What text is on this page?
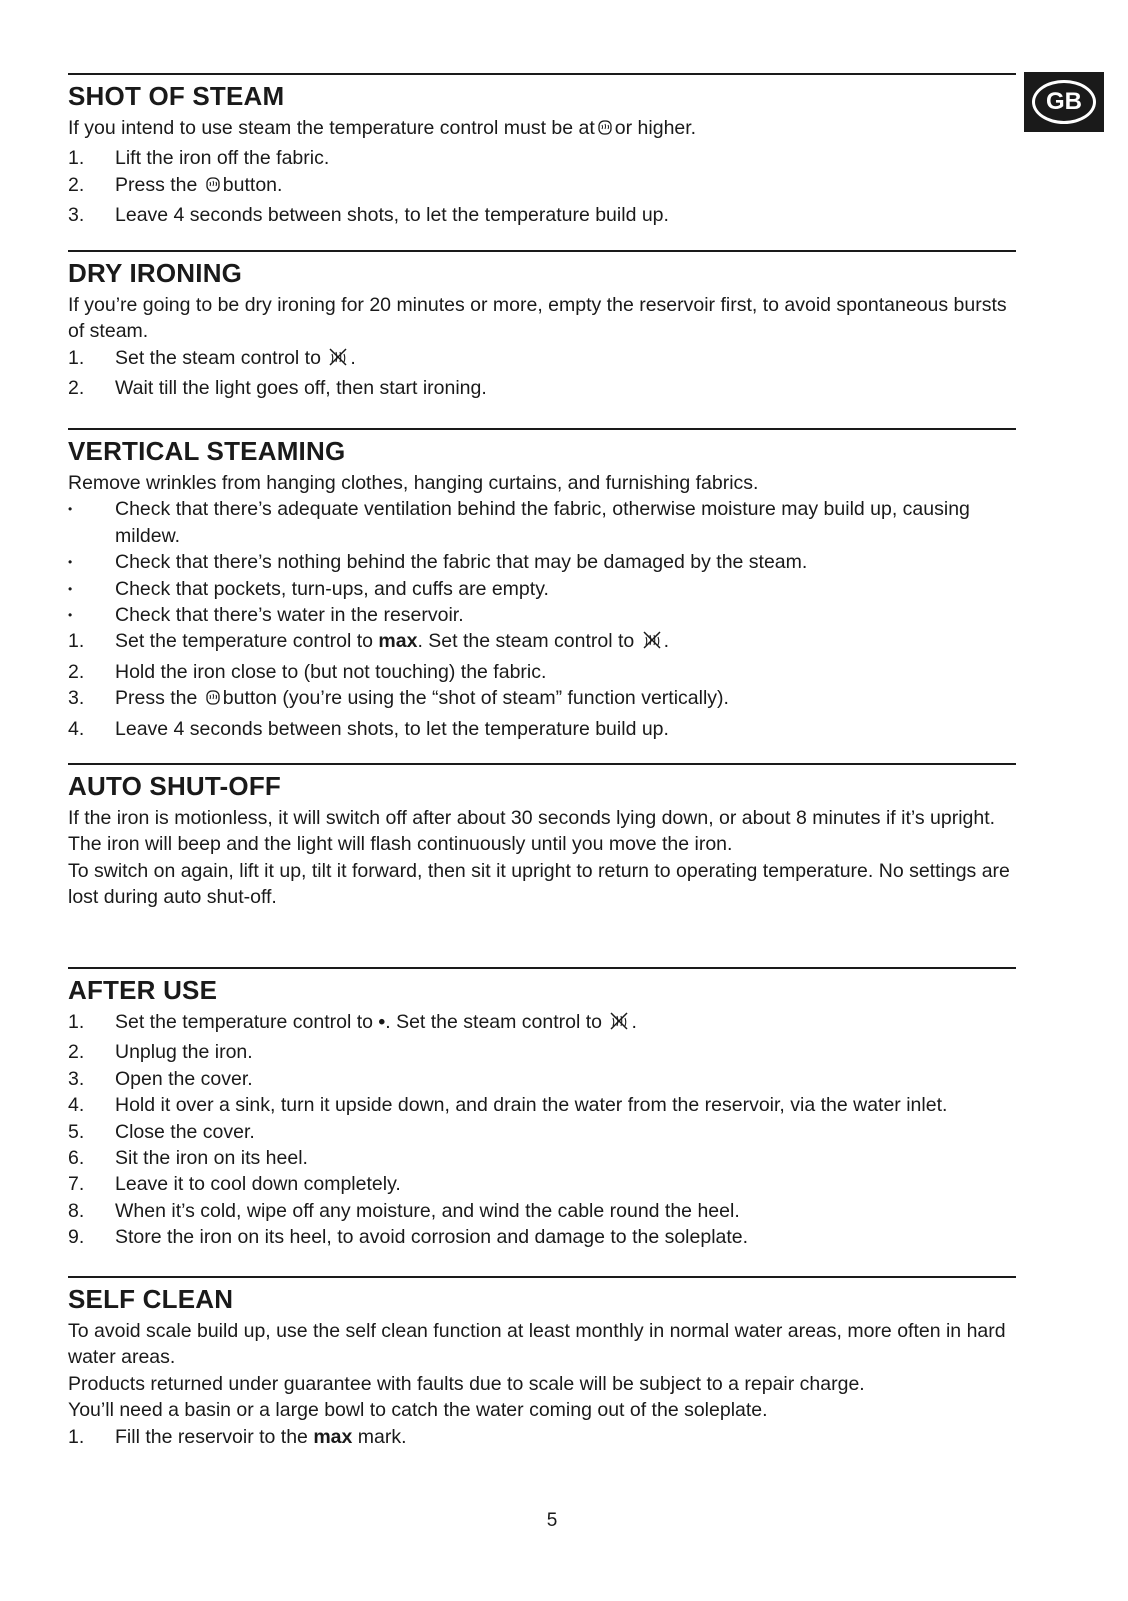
GB
SHOT OF STEAM

If you intend to use steam the temperature control must be at or higher.

1.	Lift the iron off the fabric.
2.	Press the button.
3.	Leave 4 seconds between shots, to let the temperature build up.
DRY IRONING

If you’re going to be dry ironing for 20 minutes or more, empty the reservoir first, to avoid spontaneous bursts of steam.

1.	Set the steam control to .
2.	Wait till the light goes off, then start ironing.
VERTICAL STEAMING

Remove wrinkles from hanging clothes, hanging curtains, and furnishing fabrics.

•	Check that there’s adequate ventilation behind the fabric, otherwise moisture may build up, causing mildew.
•	Check that there’s nothing behind the fabric that may be damaged by the steam.
•	Check that pockets, turn-ups, and cuffs are empty.
•	Check that there’s water in the reservoir.
1.	Set the temperature control to max. Set the steam control to .
2.	Hold the iron close to (but not touching) the fabric.
3.	Press the button (you’re using the “shot of steam” function vertically).
4.	Leave 4 seconds between shots, to let the temperature build up.
AUTO SHUT-OFF

If the iron is motionless, it will switch off after about 30 seconds lying down, or about 8 minutes if it’s upright.

The iron will beep and the light will flash continuously until you move the iron.

To switch on again, lift it up, tilt it forward, then sit it upright to return to operating temperature. No settings are lost during auto shut-off.

AFTER USE
1.	Set the temperature control to •. Set the steam control to .
2.	Unplug the iron.
3.	Open the cover.
4.	Hold it over a sink, turn it upside down, and drain the water from the reservoir, via the water inlet.
5.	Close the cover.
6.	Sit the iron on its heel.
7.	Leave it to cool down completely.
8.	When it’s cold, wipe off any moisture, and wind the cable round the heel.
9.	Store the iron on its heel, to avoid corrosion and damage to the soleplate.
SELF CLEAN

To avoid scale build up, use the self clean function at least monthly in normal water areas, more often in hard water areas.

Products returned under guarantee with faults due to scale will be subject to a repair charge.

You’ll need a basin or a large bowl to catch the water coming out of the soleplate.

1.	Fill the reservoir to the max mark.
5
